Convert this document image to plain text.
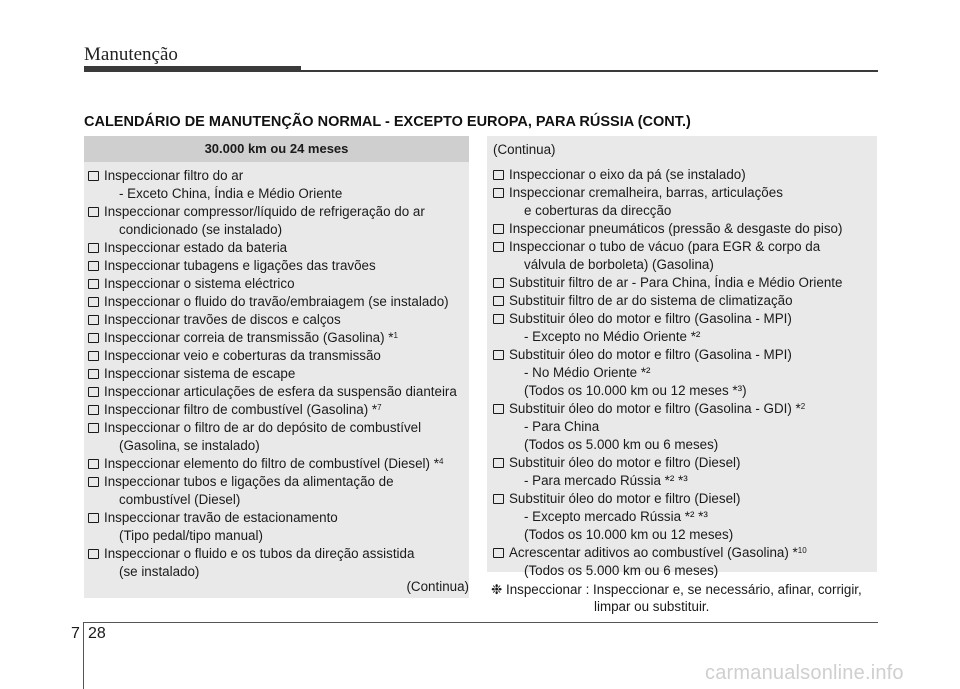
Manutenção
CALENDÁRIO DE MANUTENÇÃO NORMAL - EXCEPTO EUROPA, PARA RÚSSIA (CONT.)
30.000 km ou 24 meses
Inspeccionar filtro do ar
- Exceto China, Índia e Médio Oriente
Inspeccionar compressor/líquido de refrigeração do ar
condicionado (se instalado)
Inspeccionar estado da bateria
Inspeccionar tubagens e ligações das travões
Inspeccionar o sistema eléctrico
Inspeccionar o fluido do travão/embraiagem (se instalado)
Inspeccionar travões de discos e calços
Inspeccionar correia de transmissão (Gasolina) *$^1$
Inspeccionar veio e coberturas da transmissão
Inspeccionar sistema de escape
Inspeccionar articulações de esfera da suspensão dianteira
Inspeccionar filtro de combustível (Gasolina) *$^7$
Inspeccionar o filtro de ar do depósito de combustível
(Gasolina, se instalado)
Inspeccionar elemento do filtro de combustível (Diesel) *$^4$
Inspeccionar tubos e ligações da alimentação de
combustível (Diesel)
Inspeccionar travão de estacionamento
(Tipo pedal/tipo manual)
Inspeccionar o fluido e os tubos da direção assistida
(se instalado)
(Continua)
(Continua)
Inspeccionar o eixo da pá (se instalado)
Inspeccionar cremalheira, barras, articulações
e coberturas da direcção
Inspeccionar pneumáticos (pressão & desgaste do piso)
Inspeccionar o tubo de vácuo (para EGR & corpo da
válvula de borboleta) (Gasolina)
Substituir filtro de ar - Para China, Índia e Médio Oriente
Substituir filtro de ar do sistema de climatização
Substituir óleo do motor e filtro (Gasolina - MPI)
- Excepto no Médio Oriente *²
Substituir óleo do motor e filtro (Gasolina - MPI)
- No Médio Oriente *²
(Todos os 10.000 km ou 12 meses *³)
Substituir óleo do motor e filtro (Gasolina - GDI) *$^2$
- Para China
(Todos os 5.000 km ou 6 meses)
Substituir óleo do motor e filtro (Diesel)
- Para mercado Rússia *² *³
Substituir óleo do motor e filtro (Diesel)
- Excepto mercado Rússia *² *³
(Todos os 10.000 km ou 12 meses)
Acrescentar aditivos ao combustível (Gasolina) *$^{10}$
(Todos os 5.000 km ou 6 meses)
❉ Inspeccionar : Inspeccionar e, se necessário, afinar, corrigir,
limpar ou substituir.
7 28
carmanualsonline.info
